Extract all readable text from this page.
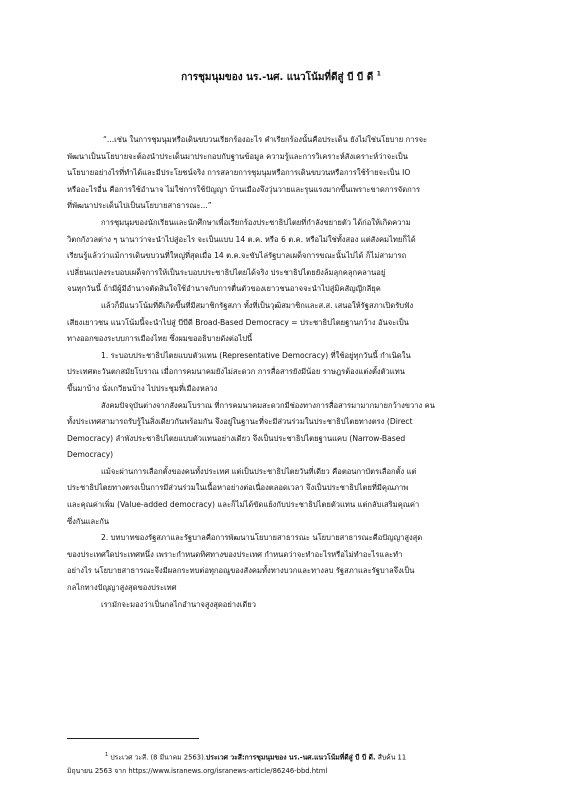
การชุมนุมของ นร.-นศ. แนวโน้มที่ดีสู่ บี บี ดี $^1$

“...เช่น ในการชุมนุมหรือเดินขบวนเรียกร้องอะไร คำเรียกร้องนั้นคือประเด็น ยังไม่ใช่นโยบาย การจะ

พัฒนาเป็นนโยบายจะต้องนำประเด็นมาประกอบกับฐานข้อมูล ความรู้และการวิเคราะห์สังเคราะห์ว่าจะเป็น

นโยบายอย่างไรที่ทำได้และมีประโยชน์จริง การสลายการชุมนุมหรือการเดินขบวนหรือการใช้ร้ายจะเป็น IO

หรืออะไรอื่น คือการใช้อำนาจ ไม่ใช่การใช้ปัญญา บ้านเมืองจึงวุ่นวายและรุนแรงมากขึ้นเพราะขาดการจัดการ

ที่พัฒนาประเด็นไปเป็นนโยบายสาธารณะ...”

การชุมนุมของนักเรียนและนักศึกษาเพื่อเรียกร้องประชาธิปไตยที่กำลังขยายตัว ได้ก่อให้เกิดความ

วิตกกังวลต่าง ๆ นานาว่าจะนำไปสู่อะไร จะเป็นแบบ 14 ต.ค. หรือ 6 ต.ค. หรือไม่ใช่ทั้งสอง แต่สังคมไทยก็ได้

เรียนรู้แล้วว่าแม้การเดินขบวนที่ใหญ่ที่สุดเมื่อ 14 ต.ค.จะขับไล่รัฐบาลเผด็จการขณะนั้นไปได้ ก็ไม่สามารถ

เปลี่ยนแปลงระบอบเผด็จการให้เป็นระบอบประชาธิปไตยได้จริง ประชาธิปไตยยังล้มลุกคลุกคลานอยู่

จนทุกวันนี้ ถ้ามีผู้มีอำนาจตัดสินใจใช้อำนาจกับการตื่นตัวของเยาวชนอาจจะนำไปสู่มิคสัญญีกลียุค

แล้วก็มีแนวโน้มที่ดีเกิดขึ้นที่มีสมาชิกรัฐสภา ทั้งที่เป็นวุฒิสมาชิกและส.ส. เสนอให้รัฐสภาเปิดรับฟัง

เสียงเยาวชน แนวโน้มนี้จะนำไปสู่ บีบีดี Broad-Based Democracy = ประชาธิปไตยฐานกว้าง อันจะเป็น

ทางออกของระบบการเมืองไทย ซึ่งผมขออธิบายดังต่อไปนี้

1. ระบอบประชาธิปไตยแบบตัวแทน (Representative Democracy) ที่ใช้อยู่ทุกวันนี้ กำเนิดใน

ประเทศตะวันตกสมัยโบราณ เมื่อการคมนาคมยังไม่สะดวก การสื่อสารยังมีน้อย ราษฎรต้องแต่งตั้งตัวแทน

ขึ้นมาบ้าง นั่งเกวียนบ้าง ไปประชุมที่เมืองหลวง

สังคมปัจจุบันต่างจากสังคมโบราณ ที่การคมนาคมสะดวกมีช่องทางการสื่อสารมามากมายกว้างขวาง คน

ทั้งประเทศสามารถรับรู้ในสิ่งเดียวกันพร้อมกัน จึงอยู่ในฐานะที่จะมีส่วนร่วมในประชาธิปไตยทางตรง (Direct

Democracy) ลำพังประชาธิปไตยแบบตัวแทนอย่างเดียว จึงเป็นประชาธิปไตยฐานแคบ (Narrow-Based

Democracy)

แม้จะผ่านการเลือกตั้งของคนทั้งประเทศ แต่เป็นประชาธิปไตยวันที่เดียว คือตอนกาบัตรเลือกตั้ง แต่

ประชาธิปไตยทางตรงเป็นการมีส่วนร่วมในเนื้อหาอย่างต่อเนื่องตลอดเวลา จึงเป็นประชาธิปไตยที่มีคุณภาพ

และคุณค่าเพิ่ม (Value-added democracy) และก็ไม่ได้ขัดแย้งกับประชาธิปไตยตัวแทน แต่กลับเสริมคุณค่า

ซึ่งกันและกัน

2. บทบาทของรัฐสภาและรัฐบาลคือการพัฒนานโยบายสาธารณะ นโยบายสาธารณะคือปัญญาสูงสุด

ของประเทศใดประเทศหนึ่ง เพราะกำหนดทิศทางของประเทศ กำหนดว่าจะทำอะไรหรือไม่ทำอะไรและทำ

อย่างไร นโยบายสาธารณะจึงมีผลกระทบต่อทุกอณูของสังคมทั้งทางบวกและทางลบ รัฐสภาและรัฐบาลจึงเป็น

กลไกทางปัญญาสูงสุดของประเทศ

เรามักจะมองว่าเป็นกลไกอำนาจสูงสุดอย่างเดียว

$^1$ ประเวศ วะสี. (8 มีนาคม 2563).ประเวศ วะสี:การชุมนุมของ นร.-นศ.แนวโน้มที่ดีสู่ บี บี ดี. สืบค้น 11

มิถุนายน 2563 จาก https://www.isranews.org/isranews-article/86246-bbd.html
